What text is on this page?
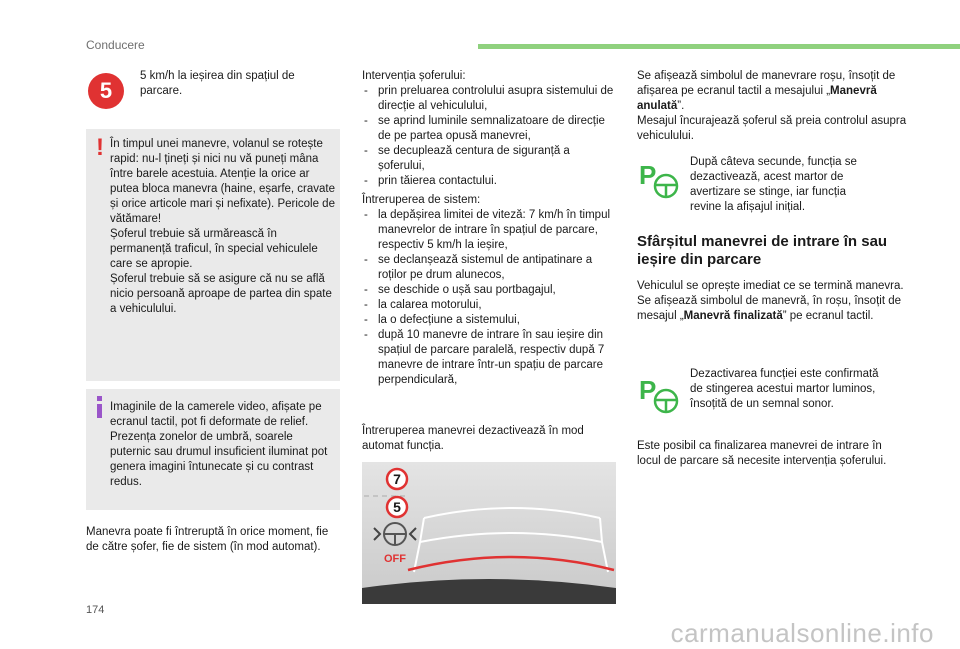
Conducere
5
5 km/h la ieșirea din spațiul de parcare.
! În timpul unei manevre, volanul se rotește rapid: nu-l țineți și nici nu vă puneți mâna între barele acestuia. Atenție la orice ar putea bloca manevra (haine, eșarfe, cravate și orice articole mari și nefixate). Pericole de vătămare!
Șoferul trebuie să urmărească în permanență traficul, în special vehiculele care se apropie.
Șoferul trebuie să se asigure că nu se află nicio persoană aproape de partea din spate a vehiculului.
Imaginile de la camerele video, afișate pe ecranul tactil, pot fi deformate de relief.
Prezența zonelor de umbră, soarele puternic sau drumul insuficient iluminat pot genera imagini întunecate și cu contrast redus.
Manevra poate fi întreruptă în orice moment, fie de către șofer, fie de sistem (în mod automat).
Intervenția șoferului:
- prin preluarea controlului asupra sistemului de direcție al vehiculului,
- se aprind luminile semnalizatoare de direcție de pe partea opusă manevrei,
- se decuplează centura de siguranță a șoferului,
- prin tăierea contactului.
Întreruperea de sistem:
- la depășirea limitei de viteză: 7 km/h în timpul manevrelor de intrare în spațiul de parcare, respectiv 5 km/h la ieșire,
- se declanșează sistemul de antipatinare a roților pe drum alunecos,
- se deschide o ușă sau portbagajul,
- la calarea motorului,
- la o defecțiune a sistemului,
- după 10 manevre de intrare în sau ieșire din spațiul de parcare paralelă, respectiv după 7 manevre de intrare într-un spațiu de parcare perpendiculară,
Întreruperea manevrei dezactivează în mod automat funcția.
7
5
OFF
Se afișează simbolul de manevrare roșu, însoțit de afișarea pe ecranul tactil a mesajului „Manevră anulată”.
Mesajul încurajează șoferul să preia controlul asupra vehiculului.
P	După câteva secunde, funcția se dezactivează, acest martor de avertizare se stinge, iar funcția revine la afișajul inițial.
Sfârșitul manevrei de intrare în sau ieșire din parcare
Vehiculul se oprește imediat ce se termină manevra.
Se afișează simbolul de manevră, în roșu, însoțit de mesajul „Manevră finalizată” pe ecranul tactil.
P
Dezactivarea funcției este confirmată de stingerea acestui martor luminos, însoțită de un semnal sonor.
Este posibil ca finalizarea manevrei de intrare în locul de parcare să necesite intervenția șoferului.
174
carmanualsonline.info
